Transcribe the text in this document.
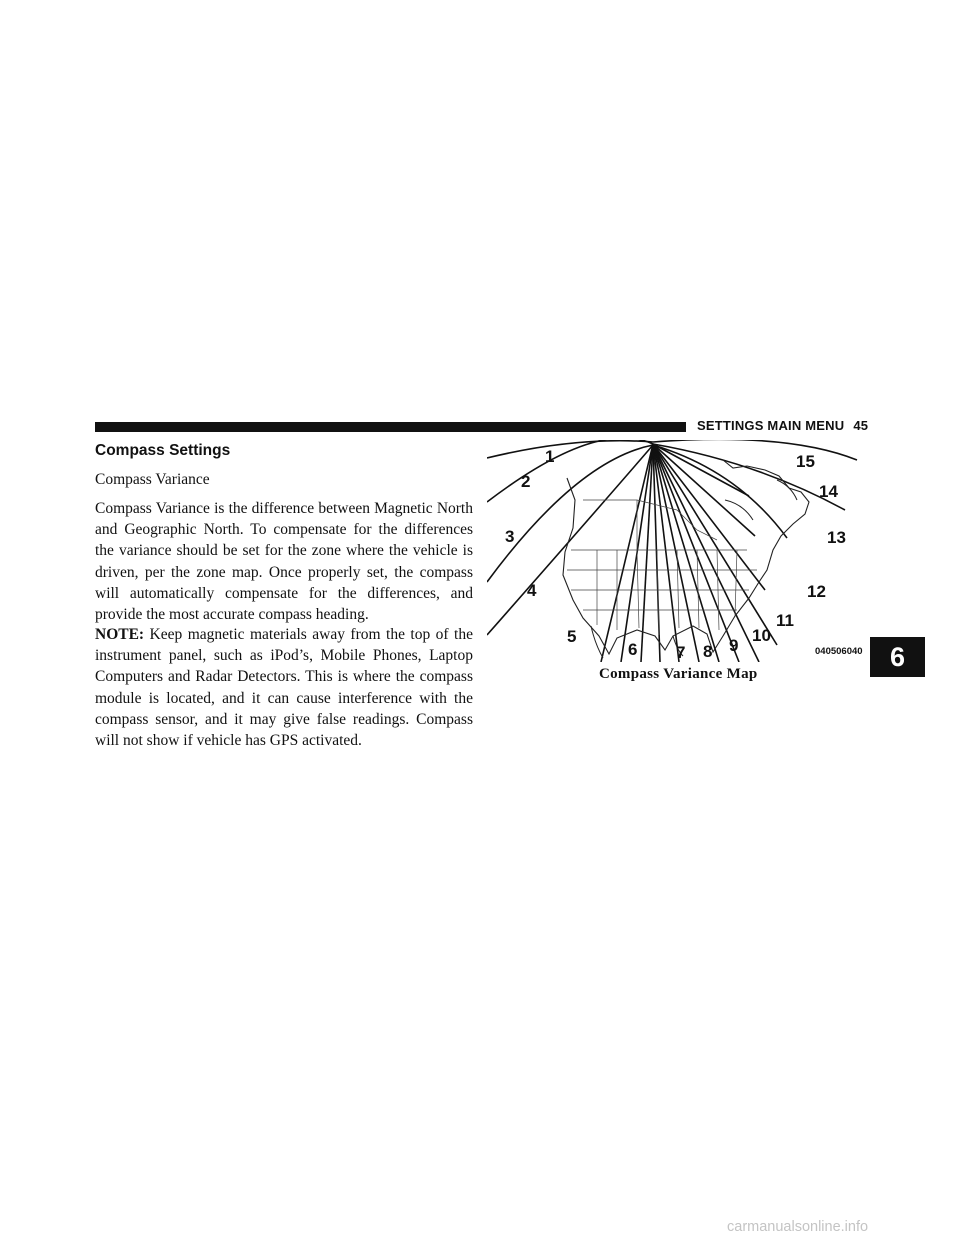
SETTINGS MAIN MENU 45
Compass Settings
Compass Variance

Compass Variance is the difference between Magnetic North and Geographic North. To compensate for the differences the variance should be set for the zone where the vehicle is driven, per the zone map. Once properly set, the compass will automatically compensate for the differences, and provide the most accurate compass heading.

NOTE: Keep magnetic materials away from the top of the instrument panel, such as iPod’s, Mobile Phones, Laptop Computers and Radar Detectors. This is where the compass module is located, and it can cause interference with the compass sensor, and it may give false readings. Compass will not show if vehicle has GPS activated.

1
2
3
4
5
6 7 8 9
10
11
12
13
14
15
040506040
Compass Variance Map
6
carmanualsonline.info
